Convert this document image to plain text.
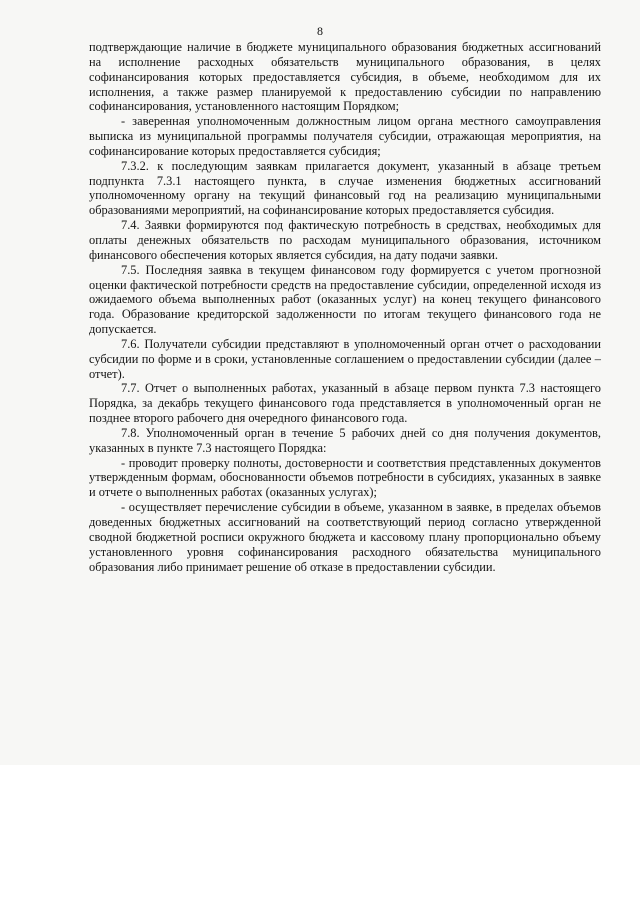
8

подтверждающие наличие в бюджете муниципального образования бюджетных ассигнований на исполнение расходных обязательств муниципального образования, в целях софинансирования которых предоставляется субсидия, в объеме, необходимом для их исполнения, а также размер планируемой к предоставлению субсидии по направлению софинансирования, установленного настоящим Порядком;

- заверенная уполномоченным должностным лицом органа местного самоуправления выписка из муниципальной программы получателя субсидии, отражающая мероприятия, на софинансирование которых предоставляется субсидия;

7.3.2. к последующим заявкам прилагается документ, указанный в абзаце третьем подпункта 7.3.1 настоящего пункта, в случае изменения бюджетных ассигнований уполномоченному органу на текущий финансовый год на реализацию муниципальными образованиями мероприятий, на софинансирование которых предоставляется субсидия.

7.4. Заявки формируются под фактическую потребность в средствах, необходимых для оплаты денежных обязательств по расходам муниципального образования, источником финансового обеспечения которых является субсидия, на дату подачи заявки.

7.5. Последняя заявка в текущем финансовом году формируется с учетом прогнозной оценки фактической потребности средств на предоставление субсидии, определенной исходя из ожидаемого объема выполненных работ (оказанных услуг) на конец текущего финансового года. Образование кредиторской задолженности по итогам текущего финансового года не допускается.

7.6. Получатели субсидии представляют в уполномоченный орган отчет о расходовании субсидии по форме и в сроки, установленные соглашением о предоставлении субсидии (далее – отчет).

7.7. Отчет о выполненных работах, указанный в абзаце первом пункта 7.3 настоящего Порядка, за декабрь текущего финансового года представляется в уполномоченный орган не позднее второго рабочего дня очередного финансового года.

7.8. Уполномоченный орган в течение 5 рабочих дней со дня получения документов, указанных в пункте 7.3 настоящего Порядка:

- проводит проверку полноты, достоверности и соответствия представленных документов утвержденным формам, обоснованности объемов потребности в субсидиях, указанных в заявке и отчете о выполненных работах (оказанных услугах);

- осуществляет перечисление субсидии в объеме, указанном в заявке, в пределах объемов доведенных бюджетных ассигнований на соответствующий период согласно утвержденной сводной бюджетной росписи окружного бюджета и кассовому плану пропорционально объему установленного уровня софинансирования расходного обязательства муниципального образования либо принимает решение об отказе в предоставлении субсидии.
